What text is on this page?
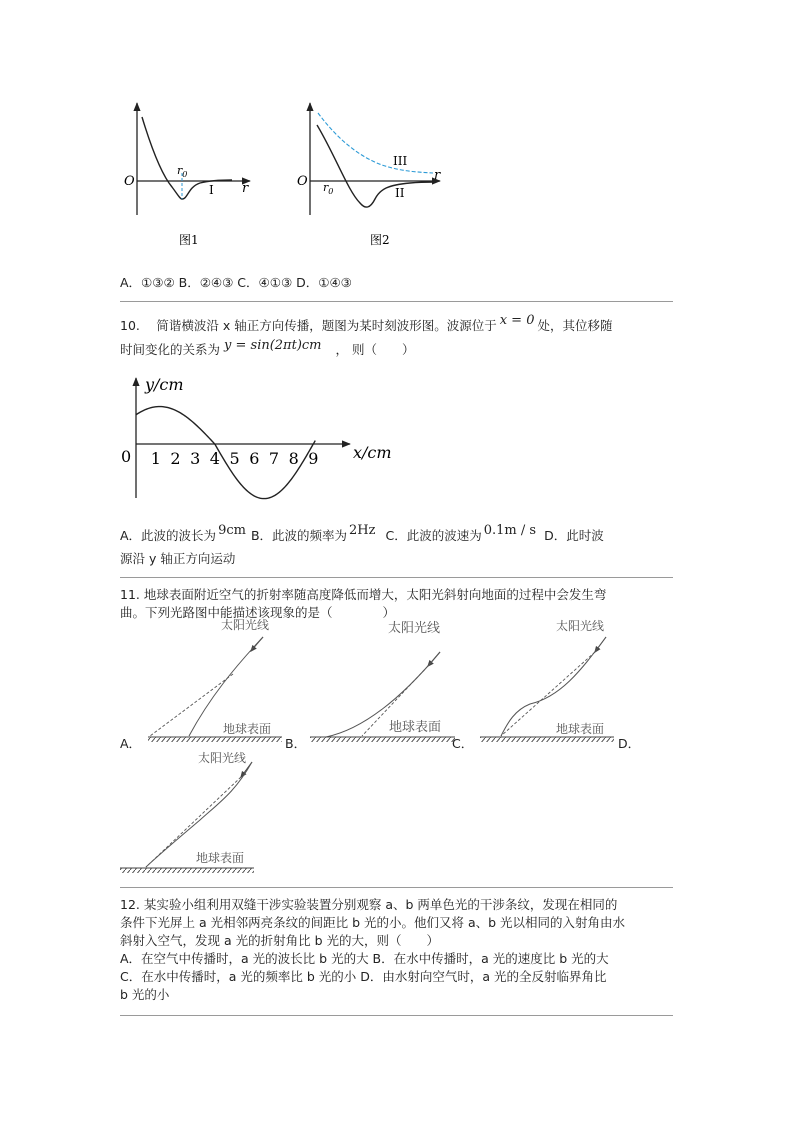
O	r
$r_0$
I
图1
O	r
$r_0$	II
III
图2
A．①③② B．②④③ C．④①③ D．①④③
10.　 简谐横波沿 x 轴正方向传播，题图为某时刻波形图。波源位于 x = 0 处，其位移随
时间变化的关系为 y = sin(2πt)cm ， 则（　　）
y/cm
x/cm
0 1 2 3 4 5 6 7 8 9
A．此波的波长为 9cm B．此波的频率为 2Hz C．此波的波速为 0.1m / s D．此时波
源沿 y 轴正方向运动
11. 地球表面附近空气的折射率随高度降低而增大，太阳光斜射向地面的过程中会发生弯
曲。下列光路图中能描述该现象的是（　　　　）
太阳光线
地球表面
太阳光线
地球表面
太阳光线
地球表面
太阳光线
地球表面
A．	B．	C．	D．
12. 某实验小组利用双缝干涉实验装置分别观察 a、b 两单色光的干涉条纹，发现在相同的
条件下光屏上 a 光相邻两亮条纹的间距比 b 光的小。他们又将 a、b 光以相同的入射角由水
斜射入空气，发现 a 光的折射角比 b 光的大，则（　　）
A．在空气中传播时，a 光的波长比 b 光的大 B．在水中传播时，a 光的速度比 b 光的大
C．在水中传播时，a 光的频率比 b 光的小 D．由水射向空气时，a 光的全反射临界角比
b 光的小
